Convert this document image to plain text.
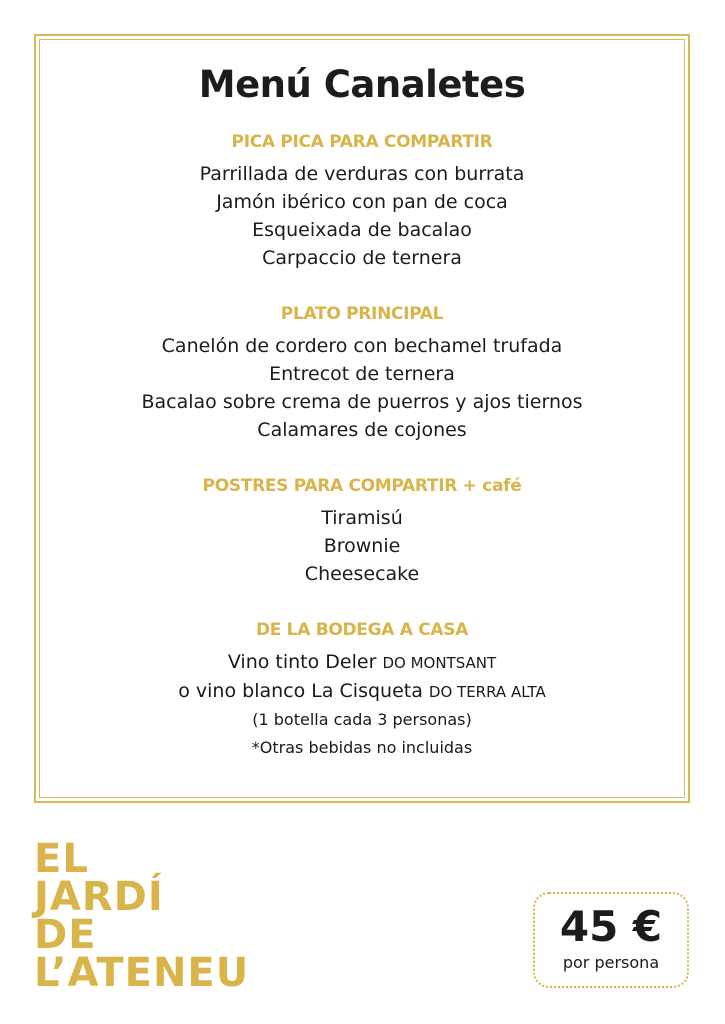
Menú Canaletes
PICA PICA PARA COMPARTIR
Parrillada de verduras con burrata
Jamón ibérico con pan de coca
Esqueixada de bacalao
Carpaccio de ternera
PLATO PRINCIPAL
Canelón de cordero con bechamel trufada
Entrecot de ternera
Bacalao sobre crema de puerros y ajos tiernos
Calamares de cojones
POSTRES PARA COMPARTIR + café
Tiramisú
Brownie
Cheesecake
DE LA BODEGA A CASA
Vino tinto Deler DO MONTSANT
o vino blanco La Cisqueta DO TERRA ALTA
(1 botella cada 3 personas)
*Otras bebidas no incluidas
EL
JARDÍ
DE
L’ATENEU
45 €
por persona
